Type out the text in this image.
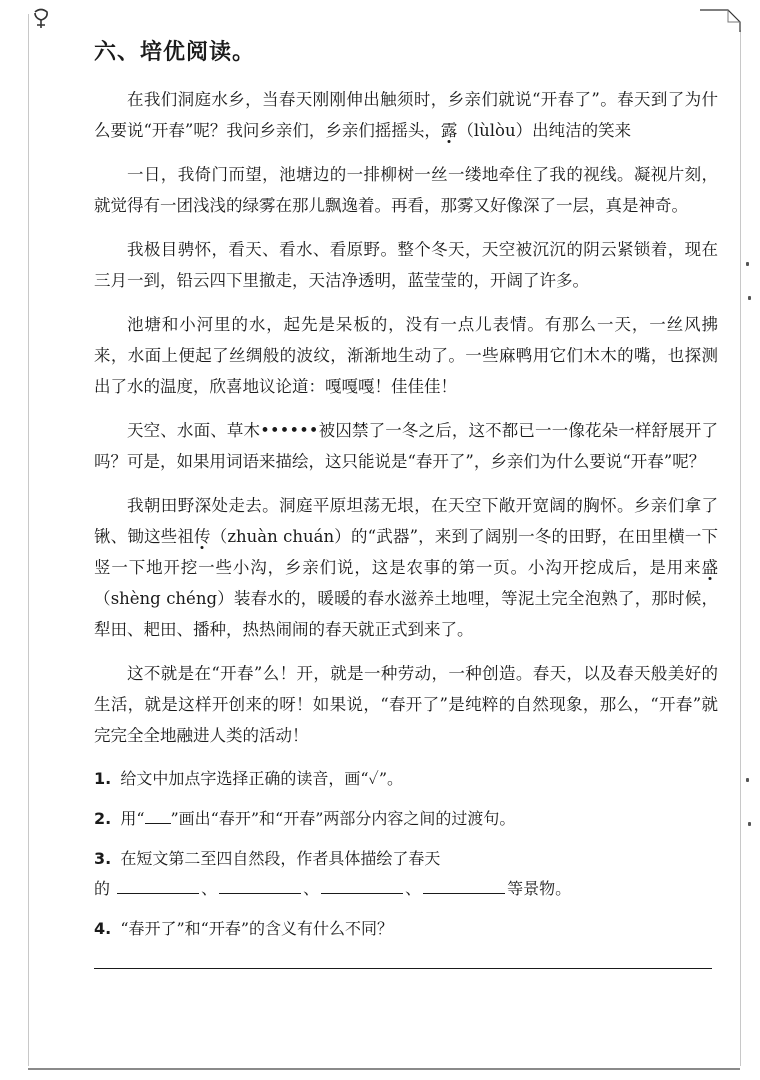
六、培优阅读。
在我们洞庭水乡，当春天刚刚伸出触须时，乡亲们就说“开春了”。春天到了为什么要说“开春”呢？我问乡亲们，乡亲们摇摇头，露（lùlòu）出纯洁的笑来
一日，我倚门而望，池塘边的一排柳树一丝一缕地牵住了我的视线。凝视片刻，就觉得有一团浅浅的绿雾在那儿飘逸着。再看，那雾又好像深了一层，真是神奇。
我极目骋怀，看天、看水、看原野。整个冬天，天空被沉沉的阴云紧锁着，现在三月一到，铅云四下里撤走，天洁净透明，蓝莹莹的，开阔了许多。
池塘和小河里的水，起先是呆板的，没有一点儿表情。有那么一天，一丝风拂来，水面上便起了丝绸般的波纹，渐渐地生动了。一些麻鸭用它们木木的嘴，也探测出了水的温度，欣喜地议论道：嘎嘎嘎！佳佳佳！
天空、水面、草木••••••被囚禁了一冬之后，这不都已一一像花朵一样舒展开了吗？可是，如果用词语来描绘，这只能说是“春开了”，乡亲们为什么要说“开春”呢？
我朝田野深处走去。洞庭平原坦荡无垠，在天空下敞开宽阔的胸怀。乡亲们拿了锹、锄这些祖传（zhuàn chuán）的“武器”，来到了阔别一冬的田野，在田里横一下竖一下地开挖一些小沟，乡亲们说，这是农事的第一页。小沟开挖成后，是用来盛（shèng chéng）装春水的，暖暖的春水滋养土地哩，等泥土完全泡熟了，那时候，犁田、耙田、播种，热热闹闹的春天就正式到来了。
这不就是在“开春”么！开，就是一种劳动，一种创造。春天，以及春天般美好的生活，就是这样开创来的呀！如果说，“春开了”是纯粹的自然现象，那么，“开春”就完完全全地融进人类的活动！
1. 给文中加点字选择正确的读音，画“✓”。
2. 用“ ”画出“春开”和“开春”两部分内容之间的过渡句。
3. 在短文第二至四自然段，作者具体描绘了春天
的	、	、	、	等景物。
4. “春开了”和“开春”的含义有什么不同？
